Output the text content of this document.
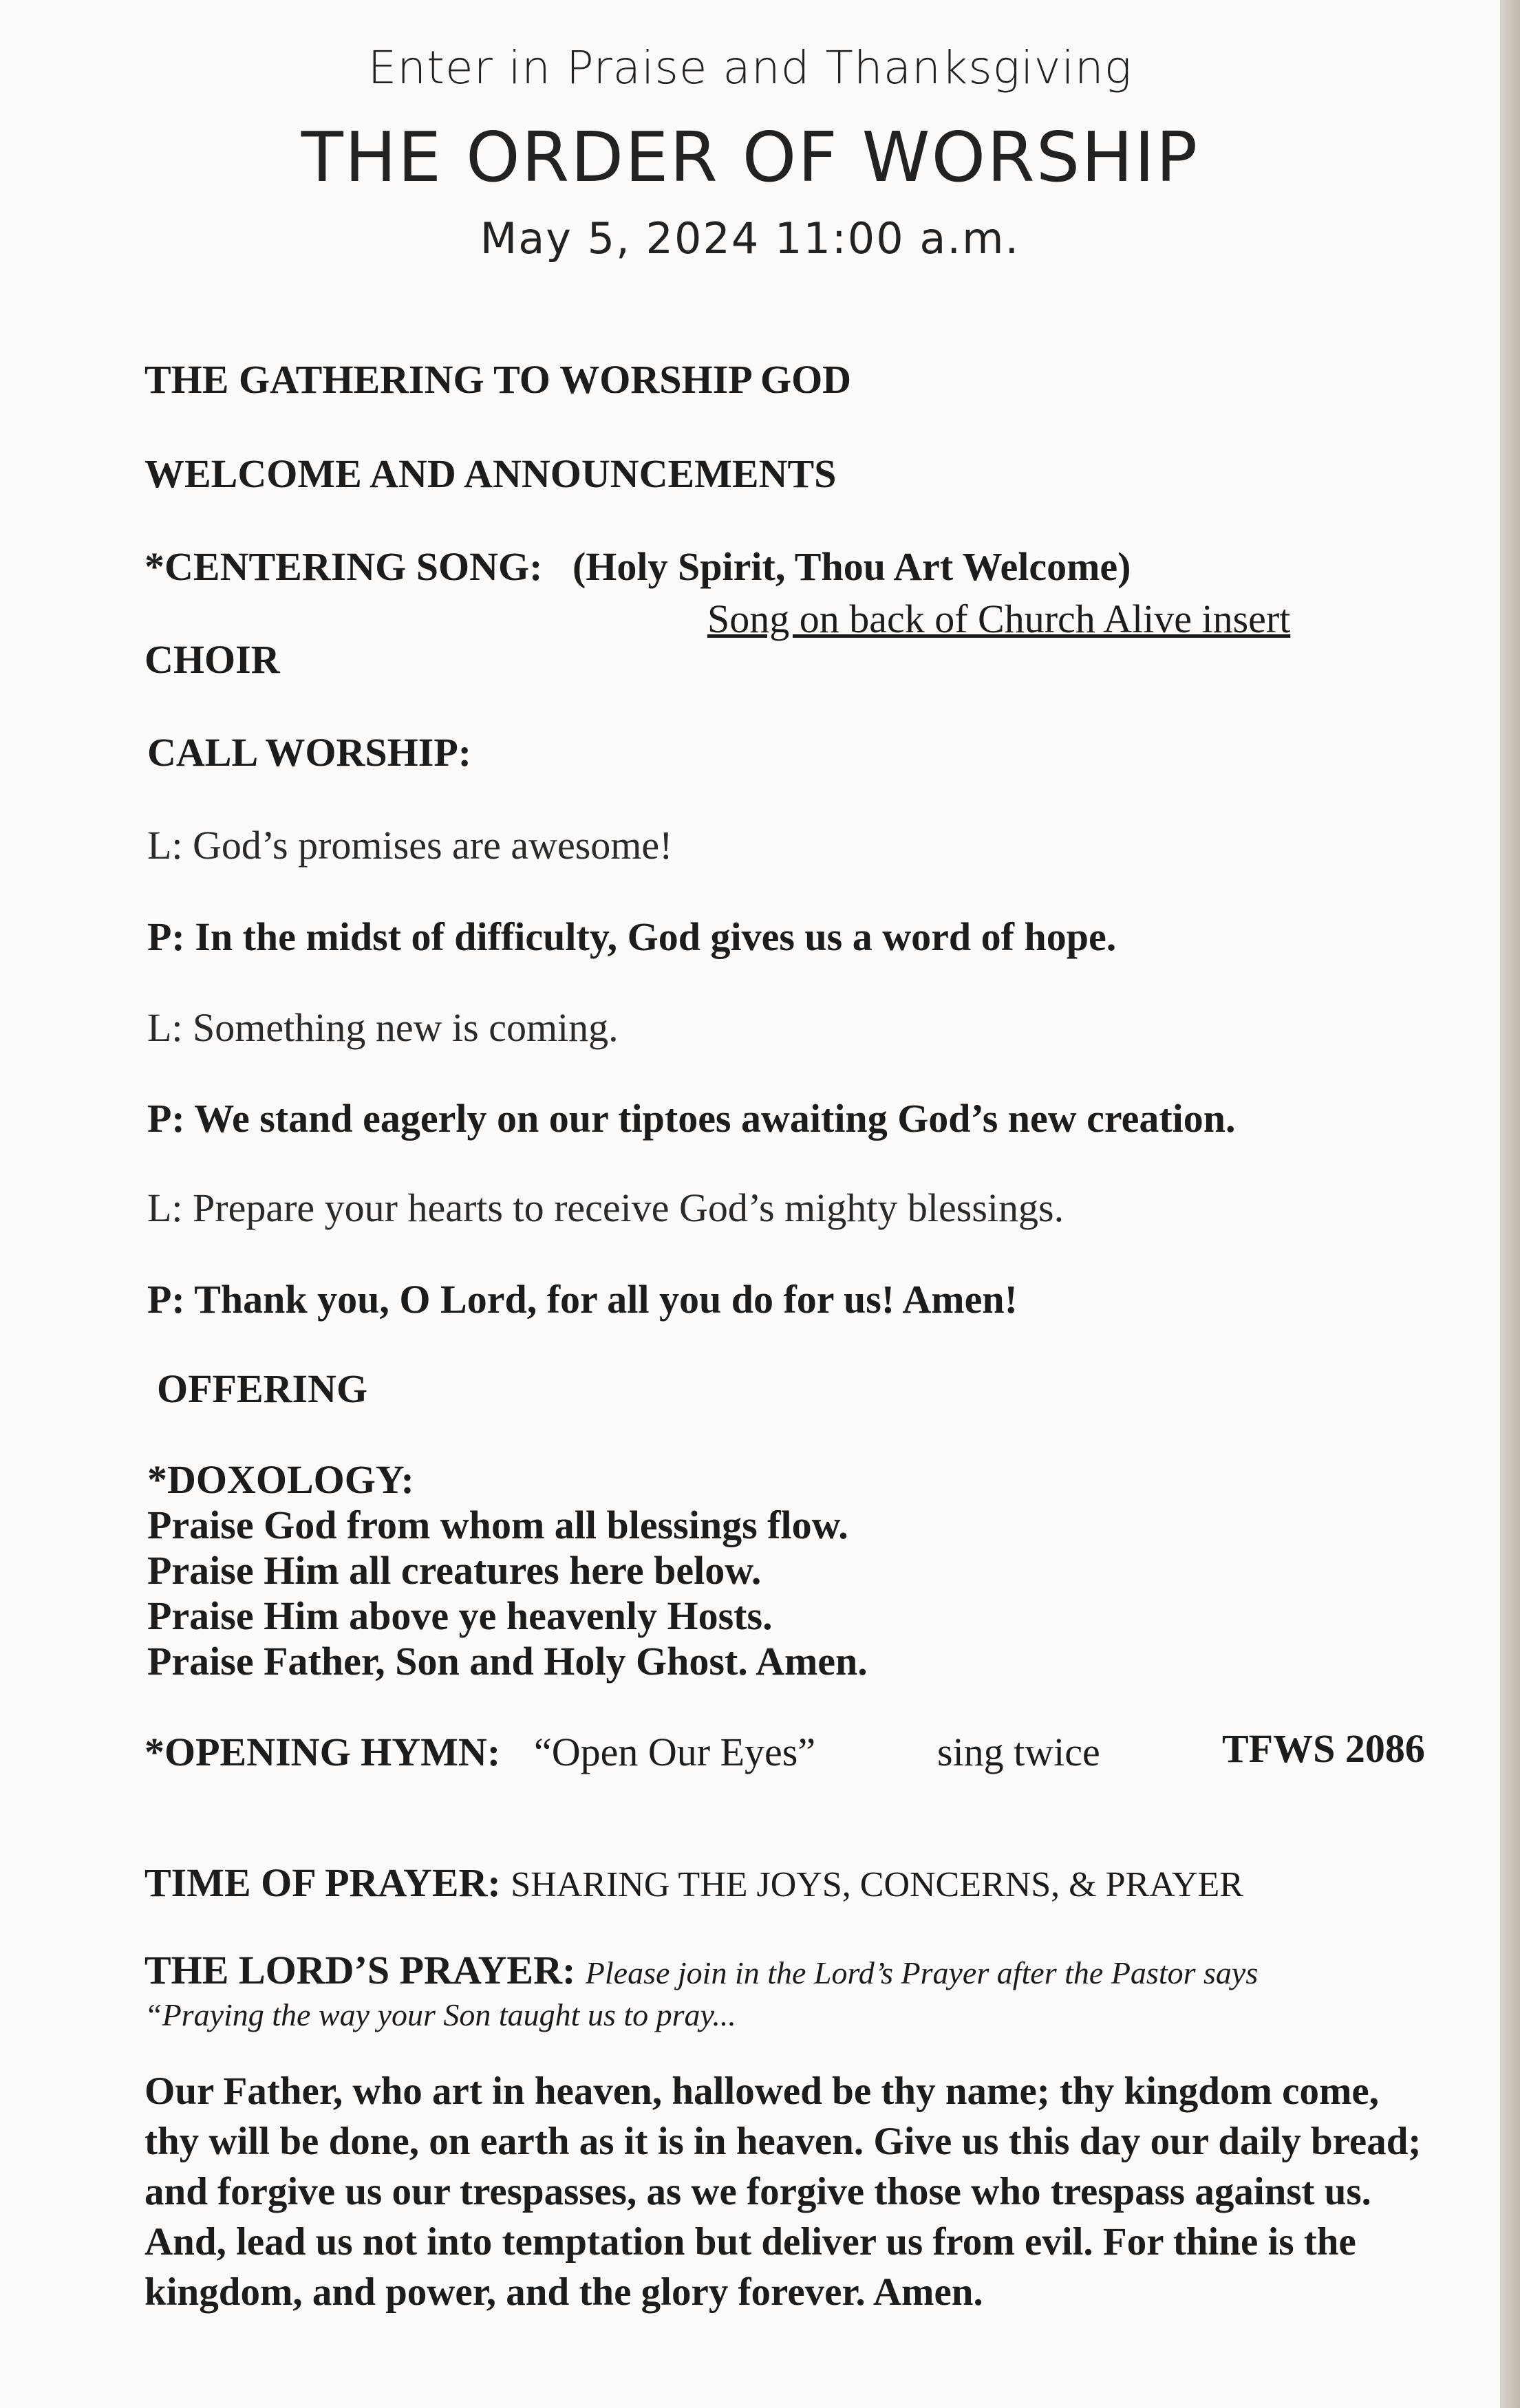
Enter in Praise and Thanksgiving
THE ORDER OF WORSHIP
May 5, 2024 11:00 a.m.
THE GATHERING TO WORSHIP GOD
WELCOME AND ANNOUNCEMENTS
*CENTERING SONG: (Holy Spirit, Thou Art Welcome)
Song on back of Church Alive insert
CHOIR
CALL WORSHIP:
L: God’s promises are awesome!
P: In the midst of difficulty, God gives us a word of hope.
L: Something new is coming.
P: We stand eagerly on our tiptoes awaiting God’s new creation.
L: Prepare your hearts to receive God’s mighty blessings.
P: Thank you, O Lord, for all you do for us! Amen!
OFFERING
*DOXOLOGY:
Praise God from whom all blessings flow.
Praise Him all creatures here below.
Praise Him above ye heavenly Hosts.
Praise Father, Son and Holy Ghost. Amen.
*OPENING HYMN: “Open Our Eyes”	sing twice	TFWS 2086
TIME OF PRAYER: SHARING THE JOYS, CONCERNS, & PRAYER
THE LORD’S PRAYER: Please join in the Lord’s Prayer after the Pastor says
“Praying the way your Son taught us to pray...
Our Father, who art in heaven, hallowed be thy name; thy kingdom come, thy will be done, on earth as it is in heaven. Give us this day our daily bread; and forgive us our trespasses, as we forgive those who trespass against us. And, lead us not into temptation but deliver us from evil. For thine is the kingdom, and power, and the glory forever. Amen.
